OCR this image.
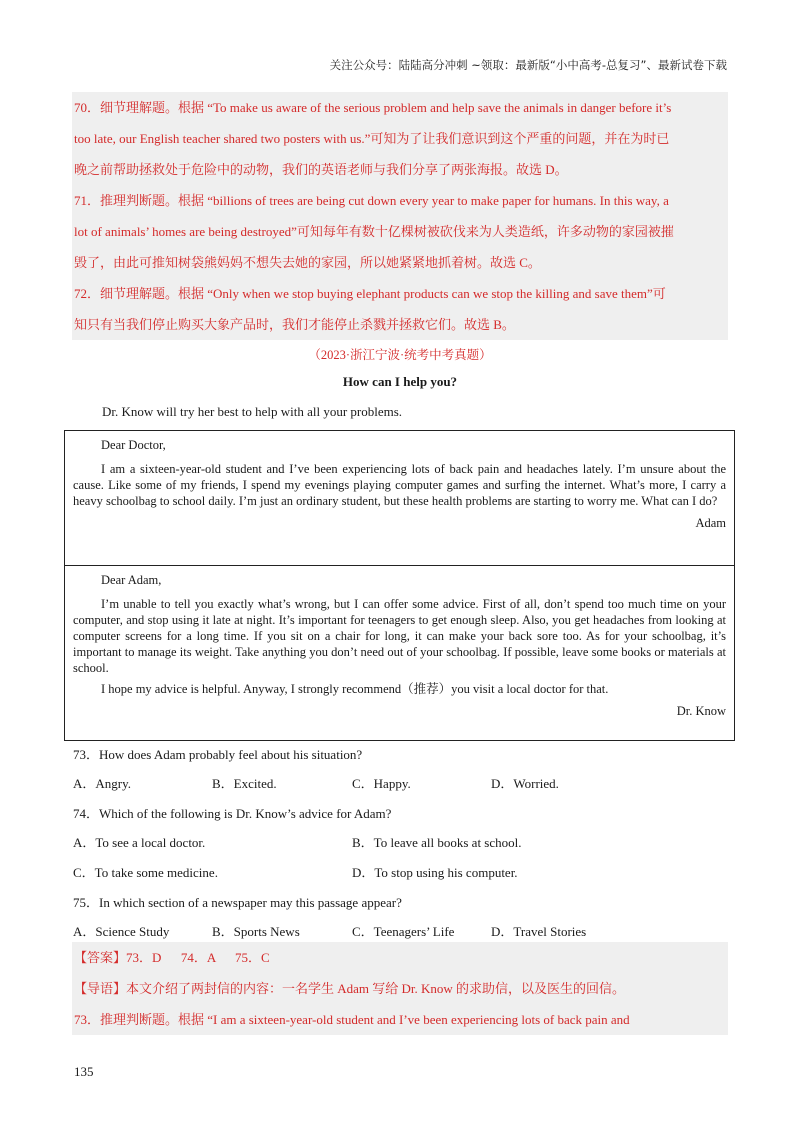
关注公众号：陆陆高分冲刺 ~领取：最新版“小中高考-总复习”、最新试卷下载
70．细节理解题。根据 “To make us aware of the serious problem and help save the animals in danger before it’s
too late, our English teacher shared two posters with us.”可知为了让我们意识到这个严重的问题，并在为时已
晚之前帮助拯救处于危险中的动物，我们的英语老师与我们分享了两张海报。故选 D。
71．推理判断题。根据 “billions of trees are being cut down every year to make paper for humans. In this way, a
lot of animals’ homes are being destroyed”可知每年有数十亿棵树被砍伐来为人类造纸，许多动物的家园被摧
毁了，由此可推知树袋熊妈妈不想失去她的家园，所以她紧紧地抓着树。故选 C。
72．细节理解题。根据 “Only when we stop buying elephant products can we stop the killing and save them”可
知只有当我们停止购买大象产品时，我们才能停止杀戮并拯救它们。故选 B。
（2023·浙江宁波·统考中考真题）
How can I help you?
Dr. Know will try her best to help with all your problems.

Dear Doctor,

I am a sixteen-year-old student and I’ve been experiencing lots of back pain and headaches lately. I’m unsure about the cause. Like some of my friends, I spend my evenings playing computer games and surfing the internet. What’s more, I carry a heavy schoolbag to school daily. I’m just an ordinary student, but these health problems are starting to worry me. What can I do?

Adam

Dear Adam,

I’m unable to tell you exactly what’s wrong, but I can offer some advice. First of all, don’t spend too much time on your computer, and stop using it late at night. It’s important for teenagers to get enough sleep. Also, you get headaches from looking at computer screens for a long time. If you sit on a chair for long, it can make your back sore too. As for your schoolbag, it’s important to manage its weight. Take anything you don’t need out of your schoolbag. If possible, leave some books or materials at school.

I hope my advice is helpful. Anyway, I strongly recommend（推荐）you visit a local doctor for that.

Dr. Know

73．How does Adam probably feel about his situation?
A．Angry.	B．Excited.	C．Happy.	D．Worried.
74．Which of the following is Dr. Know’s advice for Adam?
A．To see a local doctor.	B．To leave all books at school.
C．To take some medicine.	D．To stop using his computer.
75．In which section of a newspaper may this passage appear?
A．Science Study	B．Sports News	C．Teenagers’ Life	D．Travel Stories
【答案】73．D      74．A      75．C
【导语】本文介绍了两封信的内容：一名学生 Adam 写给 Dr. Know 的求助信，以及医生的回信。
73．推理判断题。根据 “I am a sixteen-year-old student and I’ve been experiencing lots of back pain and
135
